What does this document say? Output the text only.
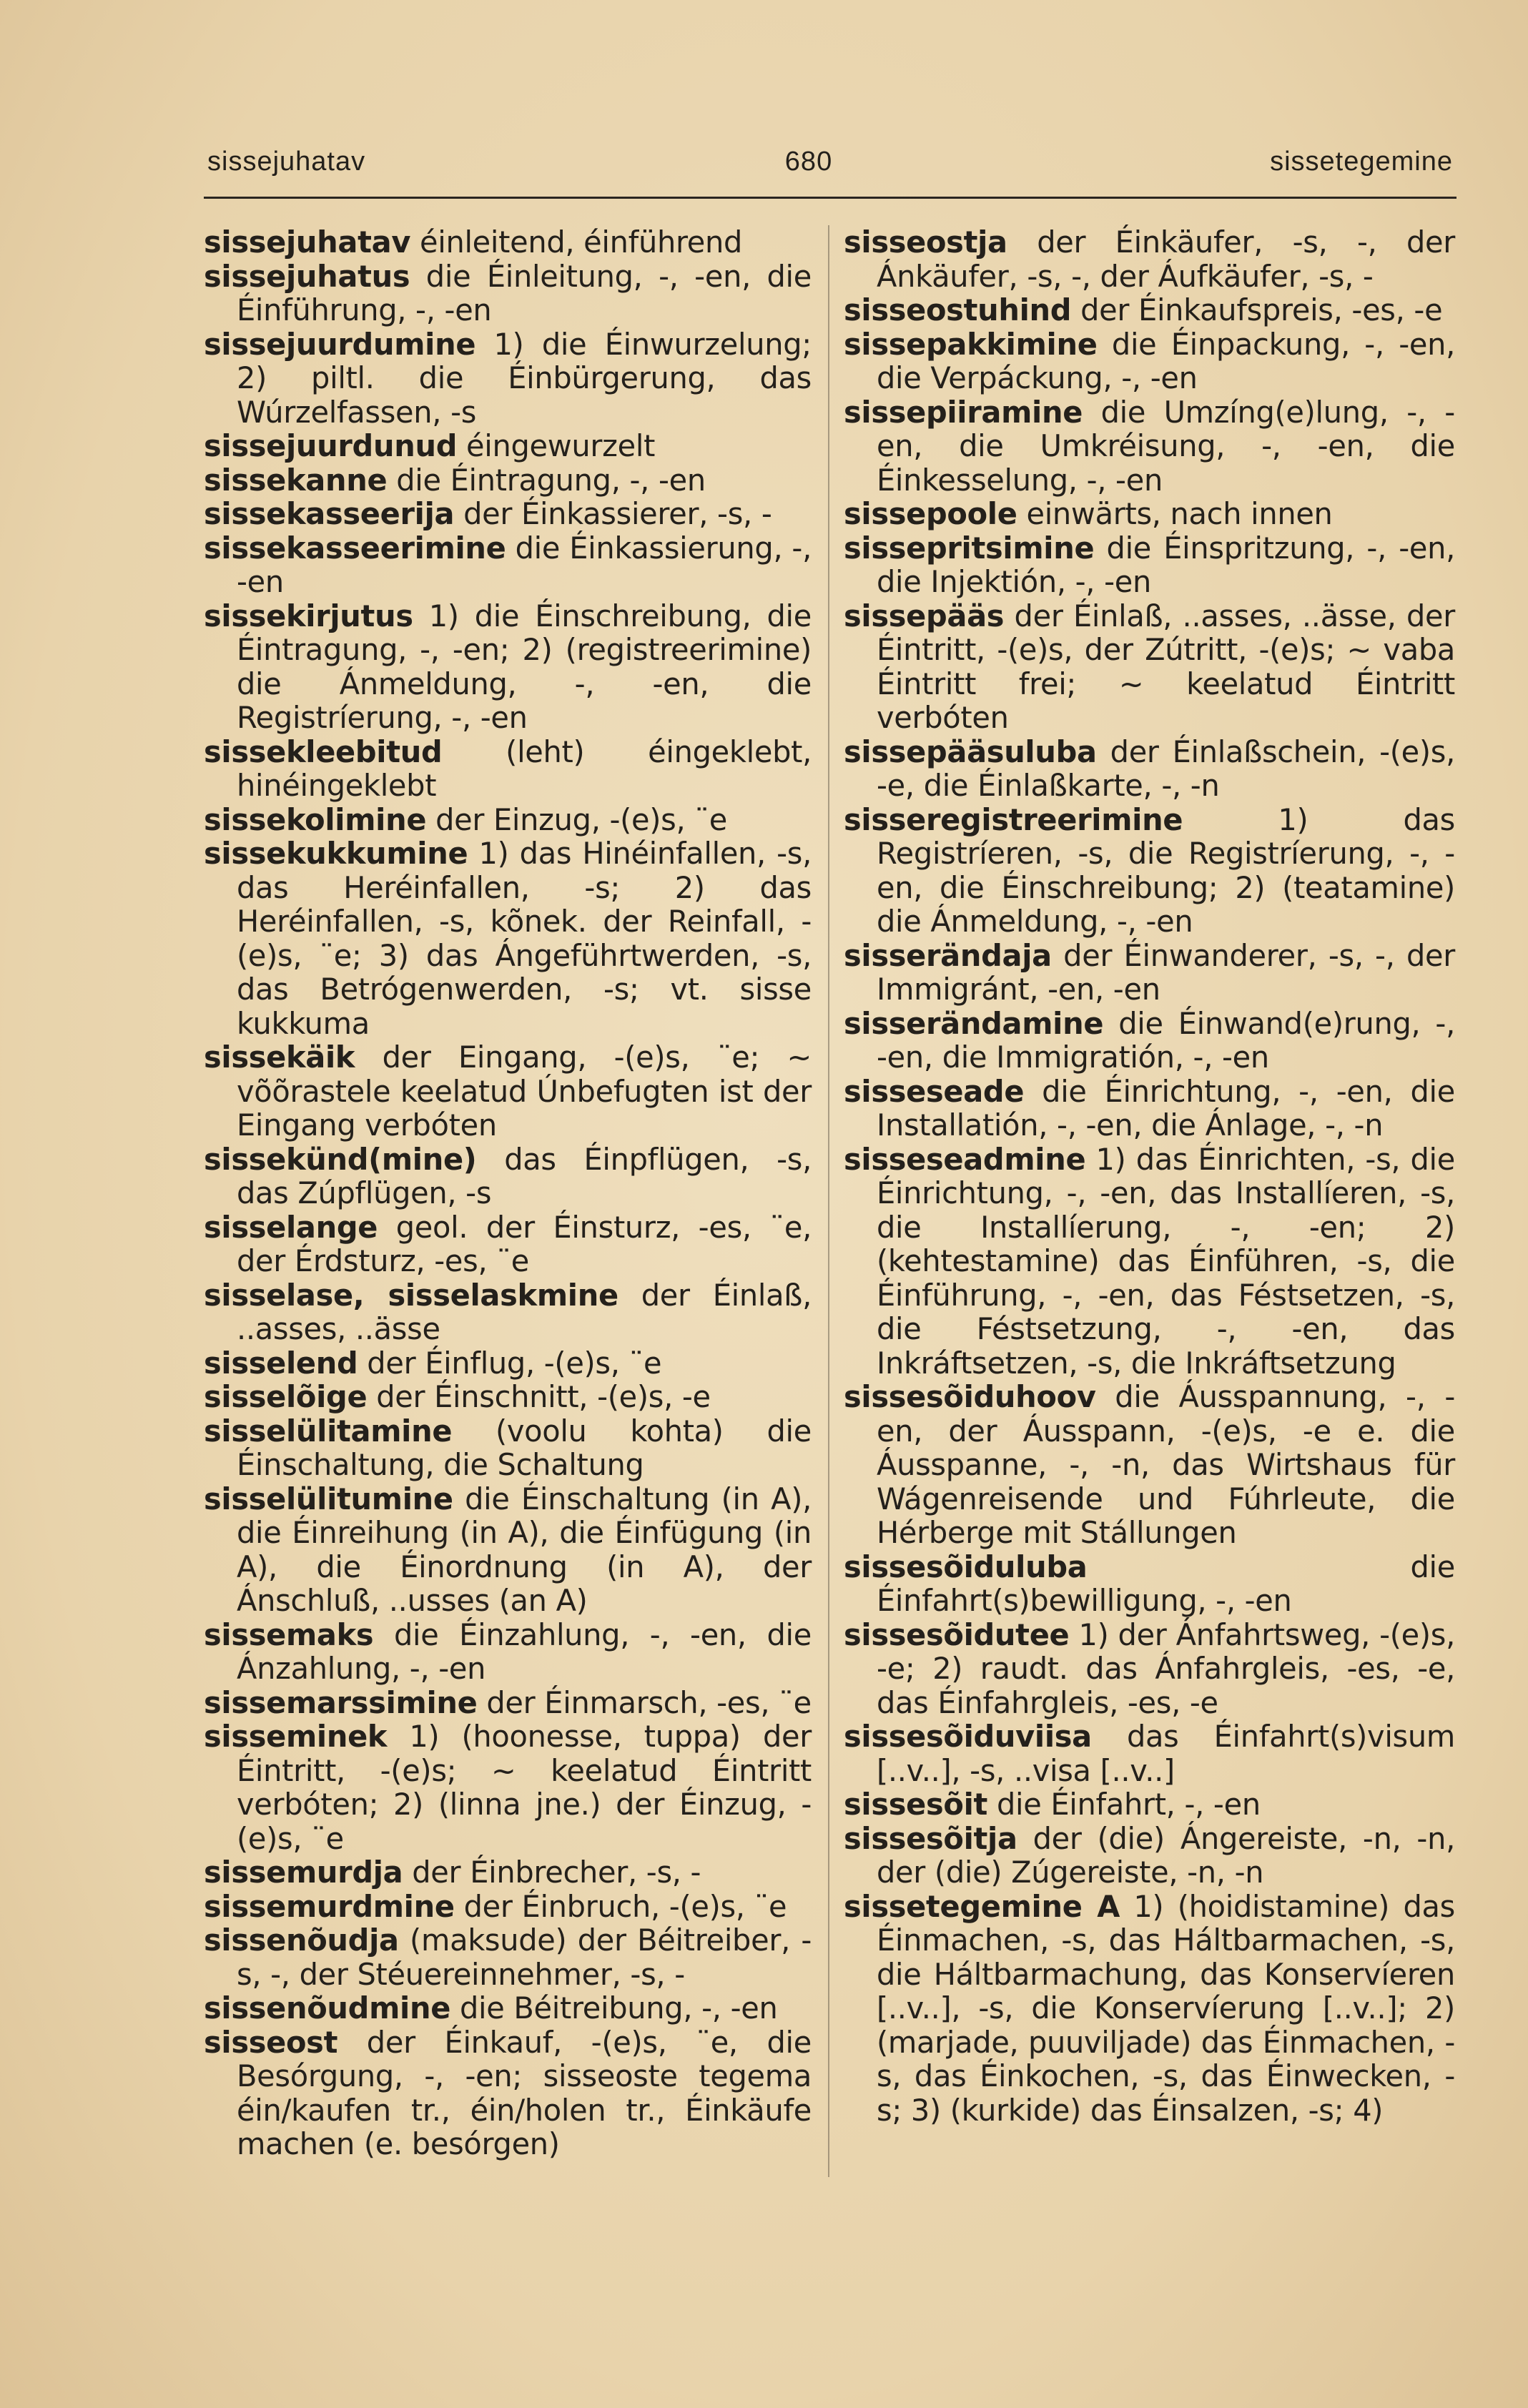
sissejuhatav	680	sissetegemine

sissejuhatav éinleitend, éinführend

sissejuhatus die Éinleitung, -, -en, die Éinführung, -, -en

sissejuurdumine 1) die Éinwurzelung; 2) piltl. die Éinbürgerung, das Wúrzelfassen, -s

sissejuurdunud éingewurzelt

sissekanne die Éintragung, -, -en

sissekasseerija der Éinkassierer, -s, -

sissekasseerimine die Éinkassierung, -, -en

sissekirjutus 1) die Éinschreibung, die Éintragung, -, -en; 2) (registreerimine) die Ánmeldung, -, -en, die Registríerung, -, -en

sissekleebitud (leht) éingeklebt, hinéingeklebt

sissekolimine der Einzug, -(e)s, ¨e

sissekukkumine 1) das Hinéinfallen, -s, das Heréinfallen, -s; 2) das Heréinfallen, -s, kõnek. der Reinfall, -(e)s, ¨e; 3) das Ángeführtwerden, -s, das Betrógenwerden, -s; vt. sisse kukkuma

sissekäik der Eingang, -(e)s, ¨e; ~ võõrastele keelatud Únbefugten ist der Eingang verbóten

sissekünd(mine) das Éinpflügen, -s, das Zúpflügen, -s

sisselange geol. der Éinsturz, -es, ¨e, der Érdsturz, -es, ¨e

sisselase, sisselaskmine der Éinlaß, ..asses, ..ässe

sisselend der Éinflug, -(e)s, ¨e

sisselõige der Éinschnitt, -(e)s, -e

sisselülitamine (voolu kohta) die Éinschaltung, die Schaltung

sisselülitumine die Éinschaltung (in A), die Éinreihung (in A), die Éinfügung (in A), die Éinordnung (in A), der Ánschluß, ..usses (an A)

sissemaks die Éinzahlung, -, -en, die Ánzahlung, -, -en

sissemarssimine der Éinmarsch, -es, ¨e

sisseminek 1) (hoonesse, tuppa) der Éintritt, -(e)s; ~ keelatud Éintritt verbóten; 2) (linna jne.) der Éinzug, -(e)s, ¨e

sissemurdja der Éinbrecher, -s, -

sissemurdmine der Éinbruch, -(e)s, ¨e

sissenõudja (maksude) der Béitreiber, -s, -, der Stéuereinnehmer, -s, -

sissenõudmine die Béitreibung, -, -en

sisseost der Éinkauf, -(e)s, ¨e, die Besórgung, -, -en; sisseoste tegema éin/kaufen tr., éin/holen tr., Éinkäufe machen (e. besórgen)

sisseostja der Éinkäufer, -s, -, der Ánkäufer, -s, -, der Áufkäufer, -s, -

sisseostuhind der Éinkaufspreis, -es, -e

sissepakkimine die Éinpackung, -, -en, die Verpáckung, -, -en

sissepiiramine die Umzíng(e)lung, -, -en, die Umkréisung, -, -en, die Éinkesselung, -, -en

sissepoole einwärts, nach innen

sissepritsimine die Éinspritzung, -, -en, die Injektión, -, -en

sissepääs der Éinlaß, ..asses, ..ässe, der Éintritt, -(e)s, der Zútritt, -(e)s; ~ vaba Éintritt frei; ~ keelatud Éintritt verbóten

sissepääsuluba der Éinlaßschein, -(e)s, -e, die Éinlaßkarte, -, -n

sisseregistreerimine 1) das Registríeren, -s, die Registríerung, -, -en, die Éinschreibung; 2) (teatamine) die Ánmeldung, -, -en

sisserändaja der Éinwanderer, -s, -, der Immigránt, -en, -en

sisserändamine die Éinwand(e)rung, -, -en, die Immigratión, -, -en

sisseseade die Éinrichtung, -, -en, die Installatión, -, -en, die Ánlage, -, -n

sisseseadmine 1) das Éinrichten, -s, die Éinrichtung, -, -en, das Installíeren, -s, die Installíerung, -, -en; 2) (kehtestamine) das Éinführen, -s, die Éinführung, -, -en, das Féstsetzen, -s, die Féstsetzung, -, -en, das Inkráftsetzen, -s, die Inkráftsetzung

sissesõiduhoov die Áusspannung, -, -en, der Áusspann, -(e)s, -e e. die Áusspanne, -, -n, das Wirtshaus für Wágenreisende und Fúhrleute, die Hérberge mit Stállungen

sissesõiduluba die Éinfahrt(s)bewilligung, -, -en

sissesõidutee 1) der Ánfahrtsweg, -(e)s, -e; 2) raudt. das Ánfahrgleis, -es, -e, das Éinfahrgleis, -es, -e

sissesõiduviisa das Éinfahrt(s)visum [..v..], -s, ..visa [..v..]

sissesõit die Éinfahrt, -, -en

sissesõitja der (die) Ángereiste, -n, -n, der (die) Zúgereiste, -n, -n

sissetegemine A 1) (hoidistamine) das Éinmachen, -s, das Háltbarmachen, -s, die Háltbarmachung, das Konservíeren [..v..], -s, die Konservíerung [..v..]; 2) (marjade, puuviljade) das Éinmachen, -s, das Éinkochen, -s, das Éinwecken, -s; 3) (kurkide) das Éinsalzen, -s; 4)
